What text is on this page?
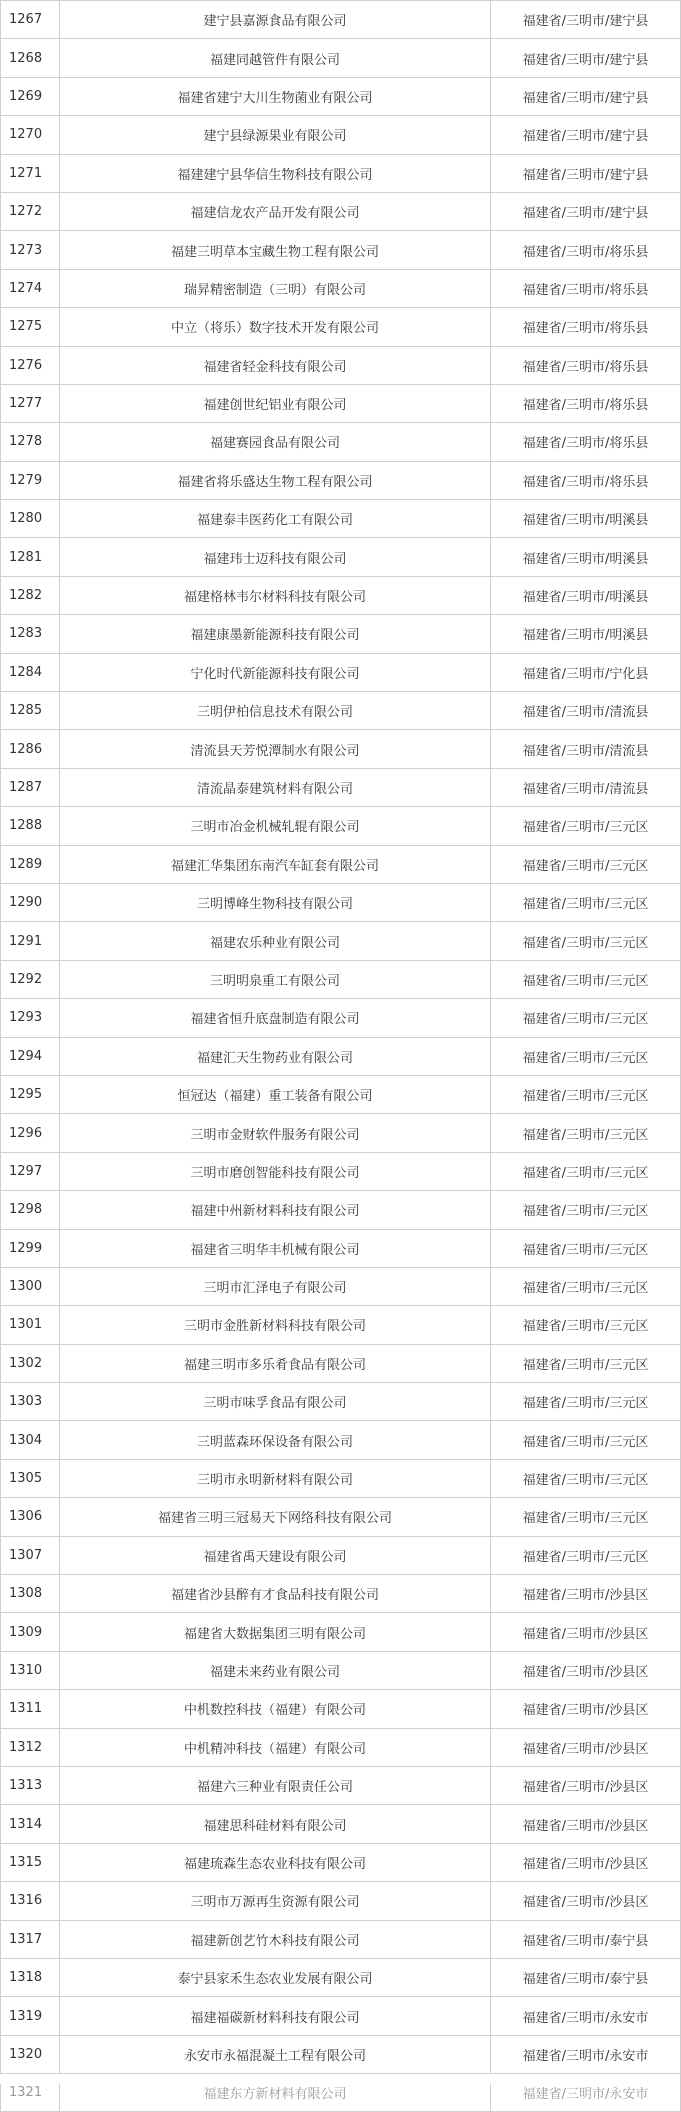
1267	建宁县嘉源食品有限公司	福建省/三明市/建宁县
1268	福建同越管件有限公司	福建省/三明市/建宁县
1269	福建省建宁大川生物菌业有限公司	福建省/三明市/建宁县
1270	建宁县绿源果业有限公司	福建省/三明市/建宁县
1271	福建建宁县华信生物科技有限公司	福建省/三明市/建宁县
1272	福建信龙农产品开发有限公司	福建省/三明市/建宁县
1273	福建三明草本宝藏生物工程有限公司	福建省/三明市/将乐县
1274	瑞昇精密制造（三明）有限公司	福建省/三明市/将乐县
1275	中立（将乐）数字技术开发有限公司	福建省/三明市/将乐县
1276	福建省轻金科技有限公司	福建省/三明市/将乐县
1277	福建创世纪铝业有限公司	福建省/三明市/将乐县
1278	福建赛园食品有限公司	福建省/三明市/将乐县
1279	福建省将乐盛达生物工程有限公司	福建省/三明市/将乐县
1280	福建泰丰医药化工有限公司	福建省/三明市/明溪县
1281	福建玮士迈科技有限公司	福建省/三明市/明溪县
1282	福建格林韦尔材料科技有限公司	福建省/三明市/明溪县
1283	福建康墨新能源科技有限公司	福建省/三明市/明溪县
1284	宁化时代新能源科技有限公司	福建省/三明市/宁化县
1285	三明伊柏信息技术有限公司	福建省/三明市/清流县
1286	清流县天芳悦潭制水有限公司	福建省/三明市/清流县
1287	清流晶泰建筑材料有限公司	福建省/三明市/清流县
1288	三明市冶金机械轧辊有限公司	福建省/三明市/三元区
1289	福建汇华集团东南汽车缸套有限公司	福建省/三明市/三元区
1290	三明博峰生物科技有限公司	福建省/三明市/三元区
1291	福建农乐种业有限公司	福建省/三明市/三元区
1292	三明明泉重工有限公司	福建省/三明市/三元区
1293	福建省恒升底盘制造有限公司	福建省/三明市/三元区
1294	福建汇天生物药业有限公司	福建省/三明市/三元区
1295	恒冠达（福建）重工装备有限公司	福建省/三明市/三元区
1296	三明市金财软件服务有限公司	福建省/三明市/三元区
1297	三明市磨创智能科技有限公司	福建省/三明市/三元区
1298	福建中州新材料科技有限公司	福建省/三明市/三元区
1299	福建省三明华丰机械有限公司	福建省/三明市/三元区
1300	三明市汇泽电子有限公司	福建省/三明市/三元区
1301	三明市金胜新材料科技有限公司	福建省/三明市/三元区
1302	福建三明市多乐肴食品有限公司	福建省/三明市/三元区
1303	三明市味孚食品有限公司	福建省/三明市/三元区
1304	三明蓝森环保设备有限公司	福建省/三明市/三元区
1305	三明市永明新材料有限公司	福建省/三明市/三元区
1306	福建省三明三冠易天下网络科技有限公司	福建省/三明市/三元区
1307	福建省禹天建设有限公司	福建省/三明市/三元区
1308	福建省沙县醉有才食品科技有限公司	福建省/三明市/沙县区
1309	福建省大数据集团三明有限公司	福建省/三明市/沙县区
1310	福建未来药业有限公司	福建省/三明市/沙县区
1311	中机数控科技（福建）有限公司	福建省/三明市/沙县区
1312	中机精冲科技（福建）有限公司	福建省/三明市/沙县区
1313	福建六三种业有限责任公司	福建省/三明市/沙县区
1314	福建思科硅材料有限公司	福建省/三明市/沙县区
1315	福建琉森生态农业科技有限公司	福建省/三明市/沙县区
1316	三明市万源再生资源有限公司	福建省/三明市/沙县区
1317	福建新创艺竹木科技有限公司	福建省/三明市/泰宁县
1318	泰宁县家禾生态农业发展有限公司	福建省/三明市/泰宁县
1319	福建福碳新材料科技有限公司	福建省/三明市/永安市
1320	永安市永福混凝土工程有限公司	福建省/三明市/永安市
1321	福建东方新材料有限公司	福建省/三明市/永安市
